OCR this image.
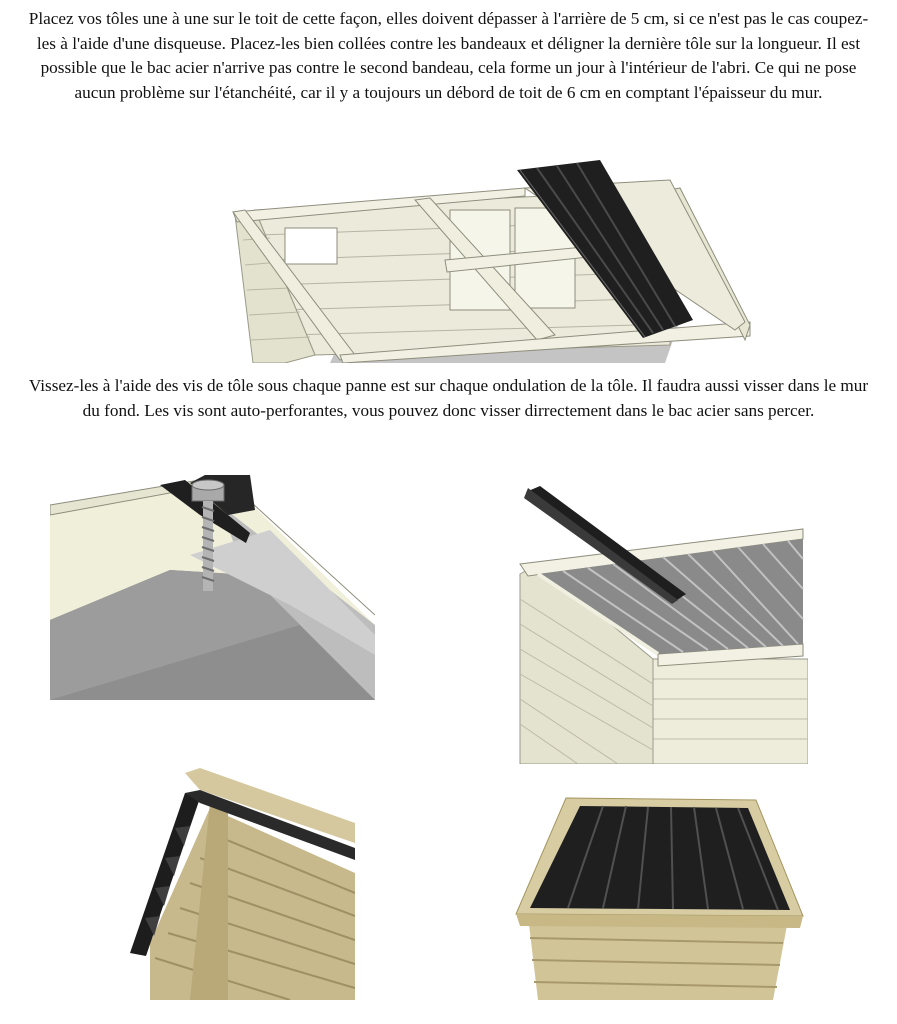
Placez vos tôles une à une sur le toit de cette façon, elles doivent dépasser à l'arrière de 5 cm, si ce n'est pas le cas coupez-les à l'aide d'une disqueuse. Placez-les bien collées contre les bandeaux et déligner la dernière tôle sur la longueur. Il est possible que le bac acier n'arrive pas contre le second bandeau, cela forme un jour à l'intérieur de l'abri. Ce qui ne pose aucun problème sur l'étanchéité, car il y a toujours un débord de toit de 6 cm en comptant l'épaisseur du mur.

Vissez-les à l'aide des vis de tôle sous chaque panne est sur chaque ondulation de la tôle. Il faudra aussi visser dans le mur du fond. Les vis sont auto-perforantes, vous pouvez donc visser dirrectement dans le bac acier sans percer.
